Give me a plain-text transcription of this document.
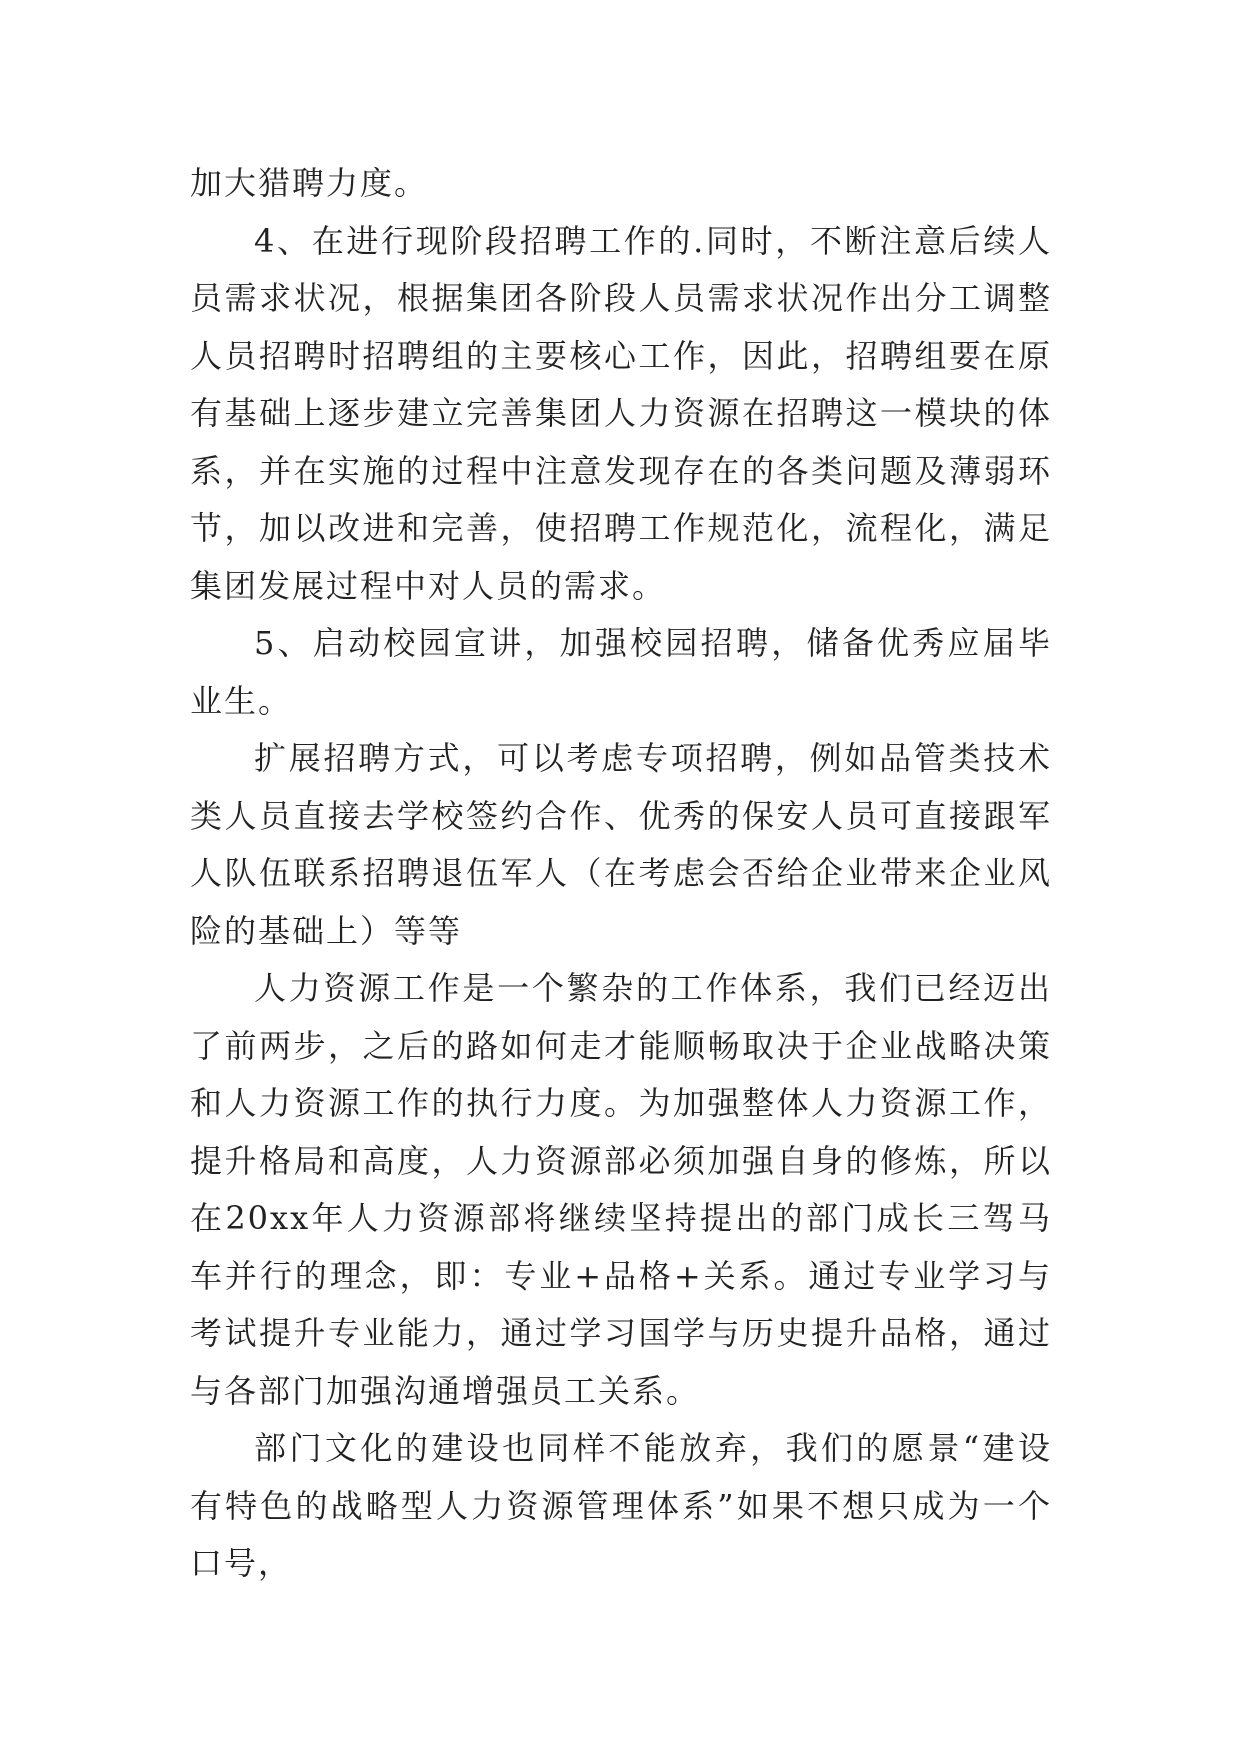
加大猎聘力度。

4、在进行现阶段招聘工作的.同时，不断注意后续人员需求状况，根据集团各阶段人员需求状况作出分工调整人员招聘时招聘组的主要核心工作，因此，招聘组要在原有基础上逐步建立完善集团人力资源在招聘这一模块的体系，并在实施的过程中注意发现存在的各类问题及薄弱环节，加以改进和完善，使招聘工作规范化，流程化，满足集团发展过程中对人员的需求。

5、启动校园宣讲，加强校园招聘，储备优秀应届毕业生。

扩展招聘方式，可以考虑专项招聘，例如品管类技术类人员直接去学校签约合作、优秀的保安人员可直接跟军人队伍联系招聘退伍军人（在考虑会否给企业带来企业风险的基础上）等等

人力资源工作是一个繁杂的工作体系，我们已经迈出了前两步，之后的路如何走才能顺畅取决于企业战略决策和人力资源工作的执行力度。为加强整体人力资源工作，提升格局和高度，人力资源部必须加强自身的修炼，所以在20xx年人力资源部将继续坚持提出的部门成长三驾马车并行的理念，即：专业+品格+关系。通过专业学习与考试提升专业能力，通过学习国学与历史提升品格，通过与各部门加强沟通增强员工关系。

部门文化的建设也同样不能放弃，我们的愿景“建设有特色的战略型人力资源管理体系”如果不想只成为一个口号，
